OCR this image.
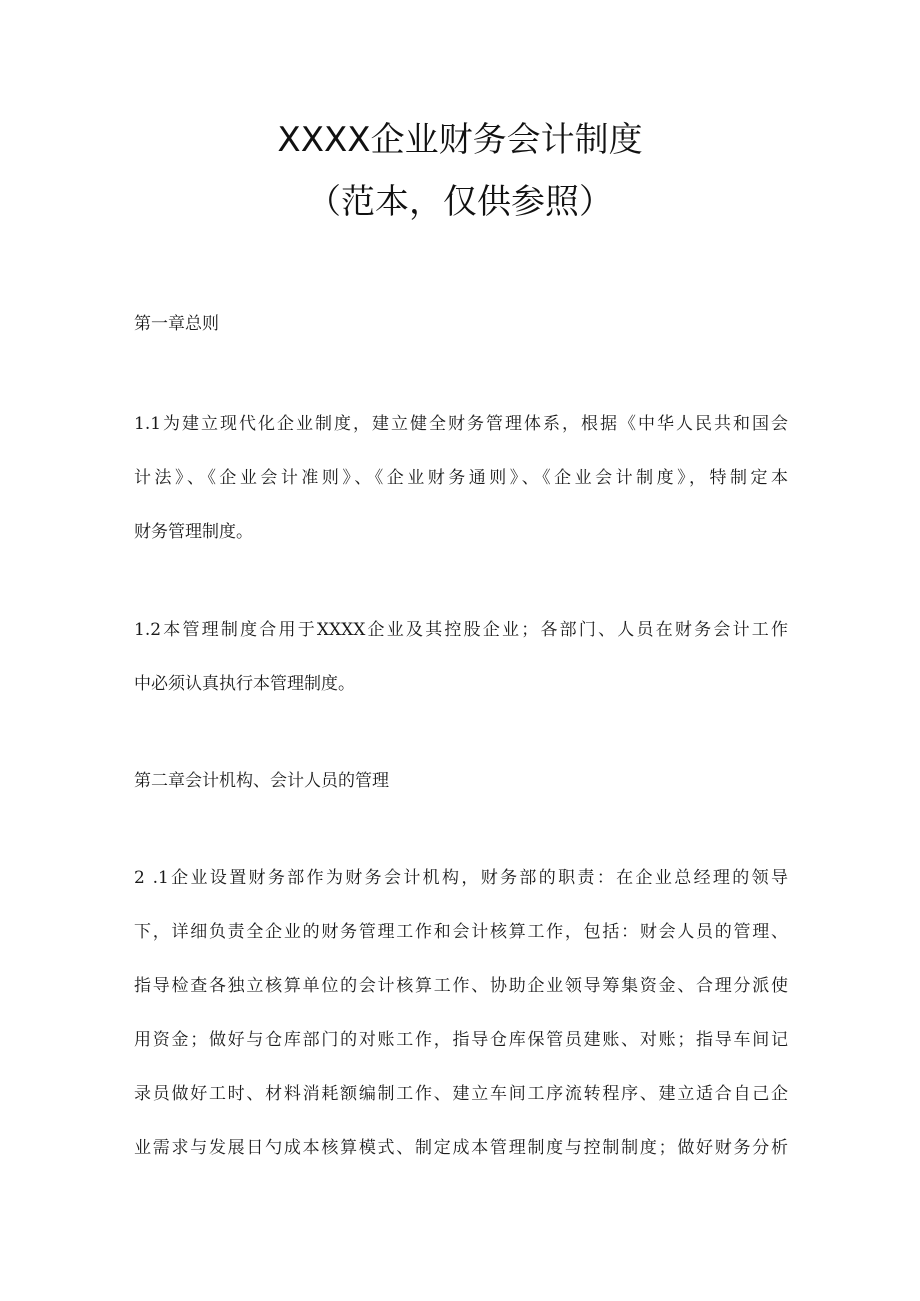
XXXX企业财务会计制度
（范本，仅供参照）
第一章总则
1.1为建立现代化企业制度，建立健全财务管理体系，根据《中华人民共和国会
计法》、《企业会计准则》、《企业财务通则》、《企业会计制度》，特制定本
财务管理制度。
1.2本管理制度合用于XXXX企业及其控股企业；各部门、人员在财务会计工作
中必须认真执行本管理制度。
第二章会计机构、会计人员的管理
2 .1企业设置财务部作为财务会计机构，财务部的职责：在企业总经理的领导
下，详细负责全企业的财务管理工作和会计核算工作，包括：财会人员的管理、
指导检查各独立核算单位的会计核算工作、协助企业领导筹集资金、合理分派使
用资金；做好与仓库部门的对账工作，指导仓库保管员建账、对账；指导车间记
录员做好工时、材料消耗额编制工作、建立车间工序流转程序、建立适合自己企
业需求与发展日勺成本核算模式、制定成本管理制度与控制制度；做好财务分析
